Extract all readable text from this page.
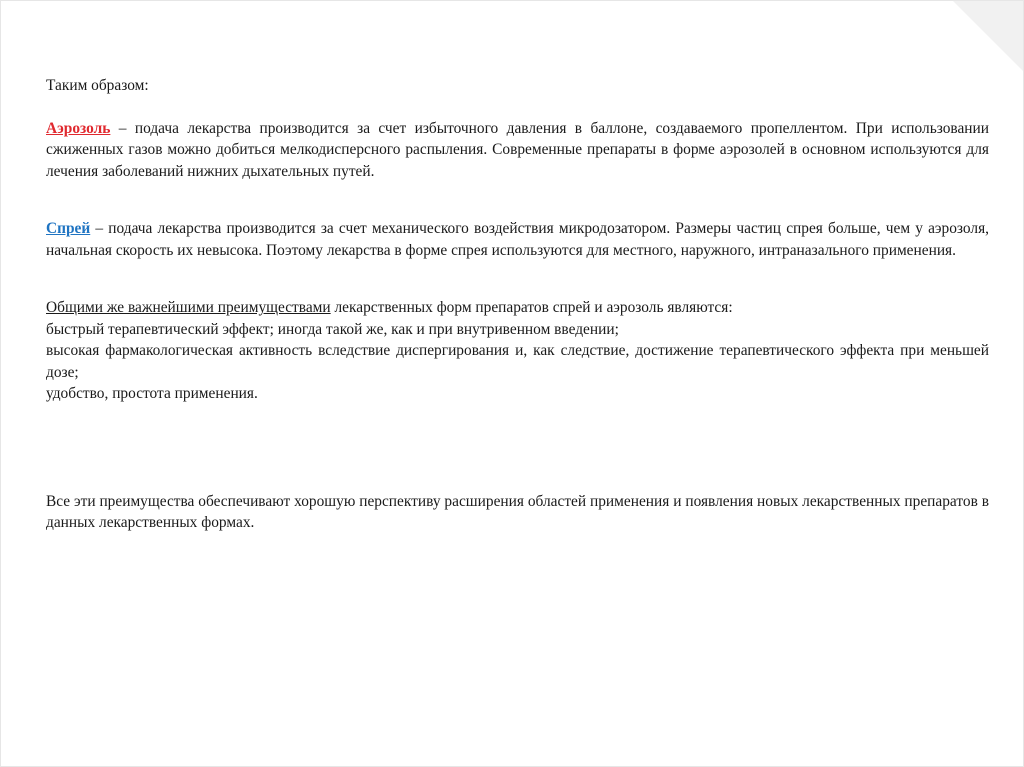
Таким образом:

Аэрозоль – подача лекарства производится за счет избыточного давления в баллоне, создаваемого пропеллентом. При использовании сжиженных газов можно добиться мелкодисперсного распыления. Современные препараты в форме аэрозолей в основном используются для лечения заболеваний нижних дыхательных путей.

Спрей – подача лекарства производится за счет механического воздействия микродозатором. Размеры частиц спрея больше, чем у аэрозоля, начальная скорость их невысока. Поэтому лекарства в форме спрея используются для местного, наружного, интраназального применения.

Общими же важнейшими преимуществами лекарственных форм препаратов спрей и аэрозоль являются:

быстрый терапевтический эффект; иногда такой же, как и при внутривенном введении;

высокая фармакологическая активность вследствие диспергирования и, как следствие, достижение терапевтического эффекта при меньшей дозе;

удобство, простота применения.

Все эти преимущества обеспечивают хорошую перспективу расширения областей применения и появления новых лекарственных препаратов в данных лекарственных формах.
